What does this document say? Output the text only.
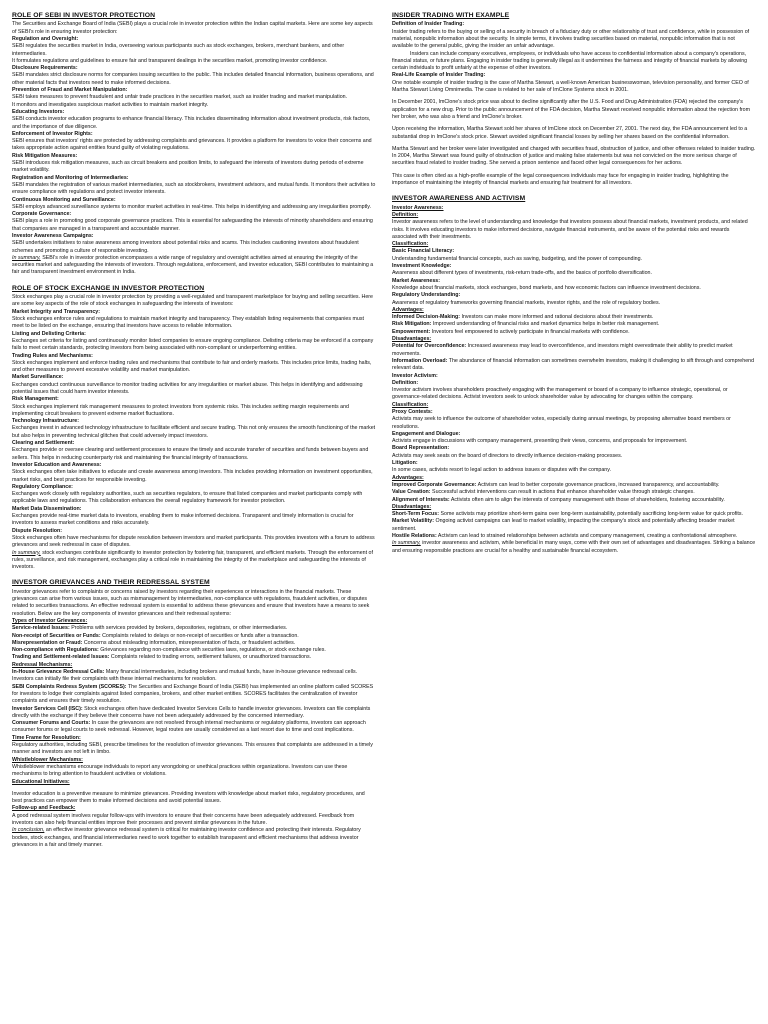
ROLE OF SEBI IN INVESTOR PROTECTION
The Securities and Exchange Board of India (SEBI) plays a crucial role in investor protection within the Indian capital markets. Here are some key aspects of SEBI's role in ensuring investor protection:
Regulation and Oversight:
SEBI regulates the securities market in India, overseeing various participants such as stock exchanges, brokers, merchant bankers, and other intermediaries.
It formulates regulations and guidelines to ensure fair and transparent dealings in the securities market, promoting investor confidence.
Disclosure Requirements:
SEBI mandates strict disclosure norms for companies issuing securities to the public. This includes detailed financial information, business operations, and other material facts that investors need to make informed decisions.
Prevention of Fraud and Market Manipulation:
SEBI takes measures to prevent fraudulent and unfair trade practices in the securities market, such as insider trading and market manipulation.
It monitors and investigates suspicious market activities to maintain market integrity.
Educating Investors:
SEBI conducts investor education programs to enhance financial literacy. This includes disseminating information about investment products, risk factors, and the importance of due diligence.
Enforcement of Investor Rights:
SEBI ensures that investors' rights are protected by addressing complaints and grievances. It provides a platform for investors to voice their concerns and takes appropriate action against entities found guilty of violating regulations.
Risk Mitigation Measures:
SEBI introduces risk mitigation measures, such as circuit breakers and position limits, to safeguard the interests of investors during periods of extreme market volatility.
Registration and Monitoring of Intermediaries:
SEBI mandates the registration of various market intermediaries, such as stockbrokers, investment advisors, and mutual funds. It monitors their activities to ensure compliance with regulations and protect investor interests.
Continuous Monitoring and Surveillance:
SEBI employs advanced surveillance systems to monitor market activities in real-time. This helps in identifying and addressing any irregularities promptly.
Corporate Governance:
SEBI plays a role in promoting good corporate governance practices. This is essential for safeguarding the interests of minority shareholders and ensuring that companies are managed in a transparent and accountable manner.
Investor Awareness Campaigns:
SEBI undertakes initiatives to raise awareness among investors about potential risks and scams. This includes cautioning investors about fraudulent schemes and promoting a culture of responsible investing.
In summary, SEBI's role in investor protection encompasses a wide range of regulatory and oversight activities aimed at ensuring the integrity of the securities market and safeguarding the interests of investors. Through regulations, enforcement, and investor education, SEBI contributes to maintaining a fair and transparent investment environment in India.
ROLE OF STOCK EXCHANGE IN INVESTOR PROTECTION
Stock exchanges play a crucial role in investor protection by providing a well-regulated and transparent marketplace for buying and selling securities. Here are some key aspects of the role of stock exchanges in safeguarding the interests of investors:
Market Integrity and Transparency:
Stock exchanges enforce rules and regulations to maintain market integrity and transparency. They establish listing requirements that companies must meet to be listed on the exchange, ensuring that investors have access to reliable information.
Listing and Delisting Criteria:
Exchanges set criteria for listing and continuously monitor listed companies to ensure ongoing compliance. Delisting criteria may be enforced if a company fails to meet certain standards, protecting investors from being associated with non-compliant or underperforming entities.
Trading Rules and Mechanisms:
Stock exchanges implement and enforce trading rules and mechanisms that contribute to fair and orderly markets. This includes price limits, trading halts, and other measures to prevent excessive volatility and market manipulation.
Market Surveillance:
Exchanges conduct continuous surveillance to monitor trading activities for any irregularities or market abuse. This helps in identifying and addressing potential issues that could harm investor interests.
Risk Management:
Stock exchanges implement risk management measures to protect investors from systemic risks. This includes setting margin requirements and implementing circuit breakers to prevent extreme market fluctuations.
Technology Infrastructure:
Exchanges invest in advanced technology infrastructure to facilitate efficient and secure trading. This not only ensures the smooth functioning of the market but also helps in preventing technical glitches that could adversely impact investors.
Clearing and Settlement:
Exchanges provide or oversee clearing and settlement processes to ensure the timely and accurate transfer of securities and funds between buyers and sellers. This helps in reducing counterparty risk and maintaining the financial integrity of transactions.
Investor Education and Awareness:
Stock exchanges often take initiatives to educate and create awareness among investors. This includes providing information on investment opportunities, market risks, and best practices for responsible investing.
Regulatory Compliance:
Exchanges work closely with regulatory authorities, such as securities regulators, to ensure that listed companies and market participants comply with applicable laws and regulations. This collaboration enhances the overall regulatory framework for investor protection.
Market Data Dissemination:
Exchanges provide real-time market data to investors, enabling them to make informed decisions. Transparent and timely information is crucial for investors to assess market conditions and risks accurately.
Dispute Resolution:
Stock exchanges often have mechanisms for dispute resolution between investors and market participants. This provides investors with a forum to address grievances and seek redressal in case of disputes.
In summary, stock exchanges contribute significantly to investor protection by fostering fair, transparent, and efficient markets. Through the enforcement of rules, surveillance, and risk management, exchanges play a critical role in maintaining the integrity of the marketplace and safeguarding the interests of investors.
INVESTOR GRIEVANCES AND THEIR REDRESSAL SYSTEM
Investor grievances refer to complaints or concerns raised by investors regarding their experiences or interactions in the financial markets. These grievances can arise from various issues, such as mismanagement by intermediaries, non-compliance with regulations, fraudulent activities, or disputes related to securities transactions. An effective redressal system is essential to address these grievances and ensure that investors have a means to seek resolution. Below are the key components of investor grievances and their redressal systems:
Types of Investor Grievances:
Service-related Issues: Problems with services provided by brokers, depositories, registrars, or other intermediaries.
Non-receipt of Securities or Funds: Complaints related to delays or non-receipt of securities or funds after a transaction.
Misrepresentation or Fraud: Concerns about misleading information, misrepresentation of facts, or fraudulent activities.
Non-compliance with Regulations: Grievances regarding non-compliance with securities laws, regulations, or stock exchange rules.
Trading and Settlement-related Issues: Complaints related to trading errors, settlement failures, or unauthorized transactions.
Redressal Mechanisms:
In-House Grievance Redressal Cells: Many financial intermediaries, including brokers and mutual funds, have in-house grievance redressal cells. Investors can initially file their complaints with these internal mechanisms for resolution.
SEBI Complaints Redress System (SCORES): The Securities and Exchange Board of India (SEBI) has implemented an online platform called SCORES for investors to lodge their complaints against listed companies, brokers, and other market entities. SCORES facilitates the centralization of investor complaints and ensures their timely resolution.
Investor Services Cell (ISC): Stock exchanges often have dedicated Investor Services Cells to handle investor grievances. Investors can file complaints directly with the exchange if they believe their concerns have not been adequately addressed by the concerned intermediary.
Consumer Forums and Courts: In case the grievances are not resolved through internal mechanisms or regulatory platforms, investors can approach consumer forums or legal courts to seek redressal. However, legal routes are usually considered as a last resort due to time and cost implications.
Time Frame for Resolution:
Regulatory authorities, including SEBI, prescribe timelines for the resolution of investor grievances. This ensures that complaints are addressed in a timely manner and investors are not left in limbo.
Whistleblower Mechanisms:
Whistleblower mechanisms encourage individuals to report any wrongdoing or unethical practices within organizations. Investors can use these mechanisms to bring attention to fraudulent activities or violations.
Educational Initiatives:
Investor education is a preventive measure to minimize grievances. Providing investors with knowledge about market risks, regulatory procedures, and best practices can empower them to make informed decisions and avoid potential issues.
Follow-up and Feedback:
A good redressal system involves regular follow-ups with investors to ensure that their concerns have been adequately addressed. Feedback from investors can also help financial entities improve their processes and prevent similar grievances in the future.
In conclusion, an effective investor grievance redressal system is critical for maintaining investor confidence and protecting their interests. Regulatory bodies, stock exchanges, and financial intermediaries need to work together to establish transparent and efficient mechanisms that address investor grievances in a fair and timely manner.
INSIDER TRADING WITH EXAMPLE
Definition of Insider Trading:
Insider trading refers to the buying or selling of a security in breach of a fiduciary duty or other relationship of trust and confidence, while in possession of material, nonpublic information about the security. In simple terms, it involves trading securities based on material, nonpublic information that is not available to the general public, giving the insider an unfair advantage.
Insiders can include company executives, employees, or individuals who have access to confidential information about a company's operations, financial status, or future plans. Engaging in insider trading is generally illegal as it undermines the fairness and integrity of financial markets by allowing certain individuals to profit unfairly at the expense of other investors.
Real-Life Example of Insider Trading:
One notable example of insider trading is the case of Martha Stewart, a well-known American businesswoman, television personality, and former CEO of Martha Stewart Living Omnimedia. The case is related to her sale of ImClone Systems stock in 2001.
In December 2001, ImClone's stock price was about to decline significantly after the U.S. Food and Drug Administration (FDA) rejected the company's application for a new drug. Prior to the public announcement of the FDA decision, Martha Stewart received nonpublic information about the rejection from her broker, who was also a friend and ImClone's broker.
Upon receiving the information, Martha Stewart sold her shares of ImClone stock on December 27, 2001. The next day, the FDA announcement led to a substantial drop in ImClone's stock price. Stewart avoided significant financial losses by selling her shares based on the confidential information.
Martha Stewart and her broker were later investigated and charged with securities fraud, obstruction of justice, and other offenses related to insider trading. In 2004, Martha Stewart was found guilty of obstruction of justice and making false statements but was not convicted on the more serious charge of securities fraud related to insider trading. She served a prison sentence and faced other legal consequences for her actions.
This case is often cited as a high-profile example of the legal consequences individuals may face for engaging in insider trading, highlighting the importance of maintaining the integrity of financial markets and ensuring fair treatment for all investors.
INVESTOR AWARENESS AND ACTIVISM
Investor Awareness:
Definition:
Investor awareness refers to the level of understanding and knowledge that investors possess about financial markets, investment products, and related risks. It involves educating investors to make informed decisions, navigate financial instruments, and be aware of the potential risks and rewards associated with their investments.
Classification:
Basic Financial Literacy:
Understanding fundamental financial concepts, such as saving, budgeting, and the power of compounding.
Investment Knowledge:
Awareness about different types of investments, risk-return trade-offs, and the basics of portfolio diversification.
Market Awareness:
Knowledge about financial markets, stock exchanges, bond markets, and how economic factors can influence investment decisions.
Regulatory Understanding:
Awareness of regulatory frameworks governing financial markets, investor rights, and the role of regulatory bodies.
Advantages:
Informed Decision-Making: Investors can make more informed and rational decisions about their investments.
Risk Mitigation: Improved understanding of financial risks and market dynamics helps in better risk management.
Empowerment: Investors feel empowered to actively participate in financial markets with confidence.
Disadvantages:
Potential for Overconfidence: Increased awareness may lead to overconfidence, and investors might overestimate their ability to predict market movements.
Information Overload: The abundance of financial information can sometimes overwhelm investors, making it challenging to sift through and comprehend relevant data.
Investor Activism:
Definition:
Investor activism involves shareholders proactively engaging with the management or board of a company to influence strategic, operational, or governance-related decisions. Activist investors seek to unlock shareholder value by advocating for changes within the company.
Classification:
Proxy Contests:
Activists may seek to influence the outcome of shareholder votes, especially during annual meetings, by proposing alternative board members or resolutions.
Engagement and Dialogue:
Activists engage in discussions with company management, presenting their views, concerns, and proposals for improvement.
Board Representation:
Activists may seek seats on the board of directors to directly influence decision-making processes.
Litigation:
In some cases, activists resort to legal action to address issues or disputes with the company.
Advantages:
Improved Corporate Governance: Activism can lead to better corporate governance practices, increased transparency, and accountability.
Value Creation: Successful activist interventions can result in actions that enhance shareholder value through strategic changes.
Alignment of Interests: Activists often aim to align the interests of company management with those of shareholders, fostering accountability.
Disadvantages:
Short-Term Focus: Some activists may prioritize short-term gains over long-term sustainability, potentially sacrificing long-term value for quick profits.
Market Volatility: Ongoing activist campaigns can lead to market volatility, impacting the company's stock and potentially affecting broader market sentiment.
Hostile Relations: Activism can lead to strained relationships between activists and company management, creating a confrontational atmosphere.
In summary, investor awareness and activism, while beneficial in many ways, come with their own set of advantages and disadvantages. Striking a balance and ensuring responsible practices are crucial for a healthy and sustainable financial ecosystem.
